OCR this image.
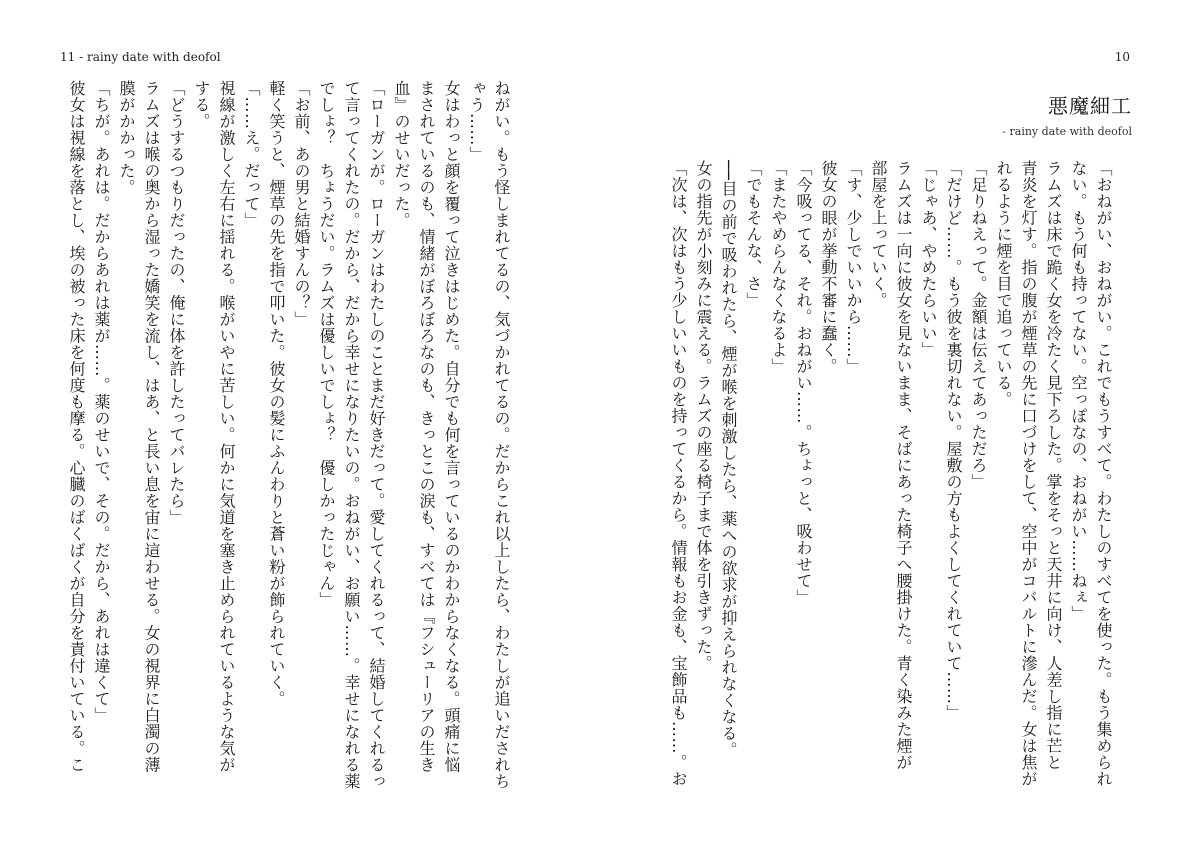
11 - rainy date with deofol	10
悪魔細工
- rainy date with deofol
「おねがい、おねがい。これでもうすべて。わたしのすべてを使った。もう集められ
ない。もう何も持ってない。空っぽなの、おねがい……ねぇ」
ラムズは床で跪く女を冷たく見下ろした。掌をそっと天井に向け、人差し指に芒と
青炎を灯す。指の腹が煙草の先に口づけをして、空中がコバルトに滲んだ。女は焦が
れるように煙を目で追っている。
「足りねえって。金額は伝えてあっただろ」
「だけど……。もう彼を裏切れない。屋敷の方もよくしてくれていて……」
「じゃあ、やめたらいい」
ラムズは一向に彼女を見ないまま、そばにあった椅子へ腰掛けた。青く染みた煙が
部屋を上っていく。
「す、少しでいいから……」
彼女の眼が挙動不審に蠢く。
「今吸ってる、それ。おねがい……。ちょっと、吸わせて」
「またやめらんなくなるよ」
「でもそんな、さ」
──目の前で吸われたら、煙が喉を刺激したら、薬への欲求が抑えられなくなる。
女の指先が小刻みに震える。ラムズの座る椅子まで体を引きずった。
「次は、次はもう少しいいものを持ってくるから。情報もお金も、宝飾品も……。お
ねがい。もう怪しまれてるの、気づかれてるの。だからこれ以上したら、わたしが追いだされち
ゃう……」
女はわっと顔を覆って泣きはじめた。自分でも何を言っているのかわからなくなる。頭痛に悩
まされているのも、情緒がぼろぼろなのも、きっとこの涙も、すべては『フシューリアの生き
血』のせいだった。
「ローガンが。ローガンはわたしのことまだ好きだって。愛してくれるって、結婚してくれるっ
て言ってくれたの。だから、だから幸せになりたいの。おねがい、お願い……。幸せになれる薬
でしょ？　ちょうだい。ラムズは優しいでしょ？　優しかったじゃん」
「お前、あの男と結婚すんの？」
軽く笑うと、煙草の先を指で叩いた。彼女の髪にふんわりと蒼い粉が飾られていく。
「……え。だって」
視線が激しく左右に揺れる。喉がいやに苦しい。何かに気道を塞き止められているような気が
する。
「どうするつもりだったの、俺に体を許したってバレたら」
ラムズは喉の奥から湿った嬌笑を流し、はあ、と長い息を宙に這わせる。女の視界に白濁の薄
膜がかかった。
「ちが。あれは。だからあれは薬が……。薬のせいで、その。だから、あれは違くて」
彼女は視線を落とし、埃の被った床を何度も摩る。心臓のばくばくが自分を責付いている。こ
